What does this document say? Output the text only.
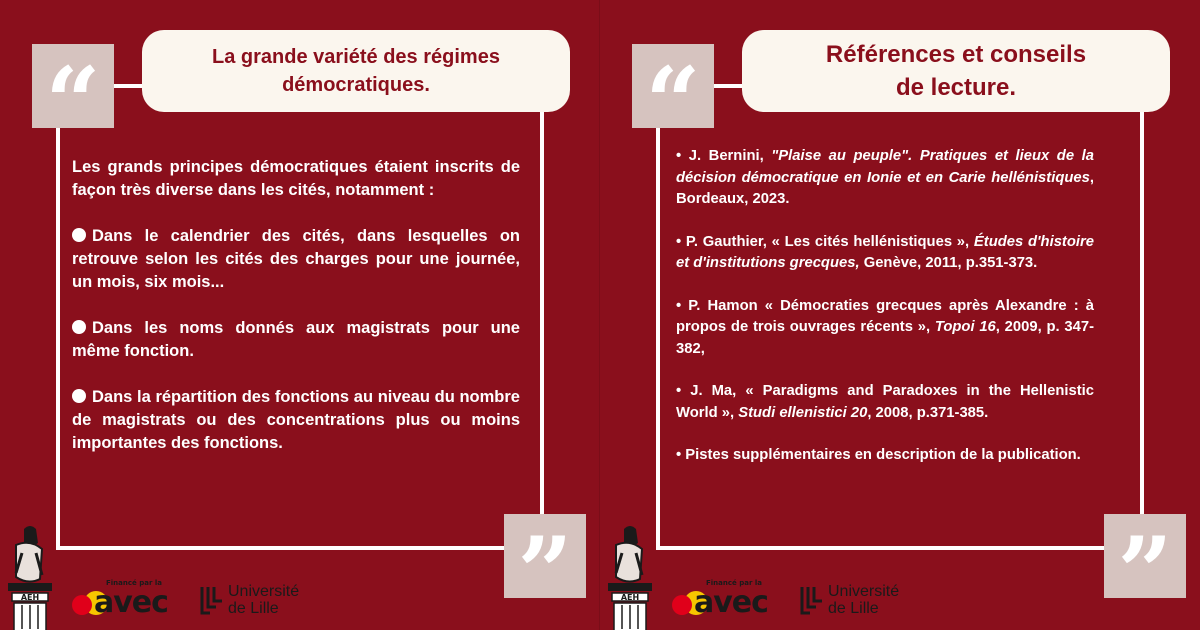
“	La grande variété des régimes
démocratiques.

Les grands principes démocratiques étaient inscrits de façon très diverse dans les cités, notamment :

Dans le calendrier des cités, dans lesquelles on retrouve selon les cités des charges pour une journée, un mois, six mois...

Dans les noms donnés aux magistrats pour une même fonction.

Dans la répartition des fonctions au niveau du nombre de magistrats ou des concentrations plus ou moins importantes des fonctions.

”
AEH
Financé par la
avec	Université
de Lille
“	Références et conseils
de lecture.

• J. Bernini, "Plaise au peuple". Pratiques et lieux de la décision démocratique en Ionie et en Carie hellénistiques, Bordeaux, 2023.

• P. Gauthier, « Les cités hellénistiques », Études d'histoire et d'institutions grecques, Genève, 2011, p.351-373.

• P. Hamon « Démocraties grecques après Alexandre : à propos de trois ouvrages récents », Topoi 16, 2009, p. 347-382,

• J. Ma, « Paradigms and Paradoxes in the Hellenistic World », Studi ellenistici 20, 2008, p.371-385.

• Pistes supplémentaires en description de la publication.

”
AEH
Financé par la
avec	Université
de Lille
